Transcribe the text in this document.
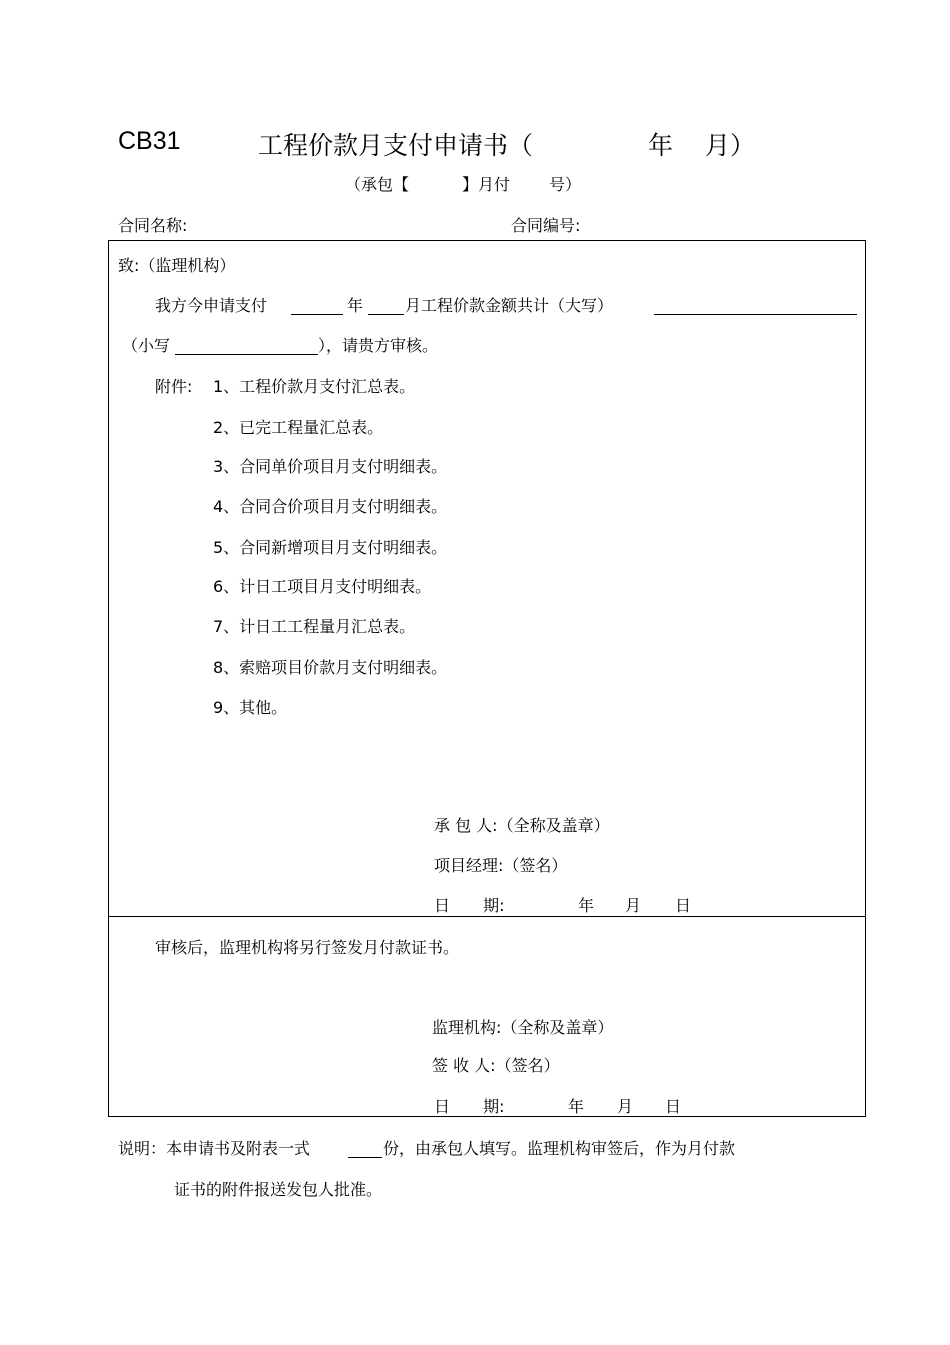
CB31	工程价款月支付申请书（	年 月）
（承包【	】月付 号）
合同名称:	合同编号:
致:（监理机构）
我方今申请支付	年	月工程价款金额共计（大写）
（小写	），请贵方审核。
附件: 1、工程价款月支付汇总表。
2、已完工程量汇总表。
3、合同单价项目月支付明细表。
4、合同合价项目月支付明细表。
5、合同新增项目月支付明细表。
6、计日工项目月支付明细表。
7、计日工工程量月汇总表。
8、索赔项目价款月支付明细表。
9、其他。
承 包 人:（全称及盖章）
项目经理:（签名）
日 期:	年 月 日
审核后，监理机构将另行签发月付款证书。
监理机构:（全称及盖章）
签 收 人:（签名）
日 期:	年 月 日
说明：本申请书及附表一式	份，由承包人填写。监理机构审签后，作为月付款
证书的附件报送发包人批准。
